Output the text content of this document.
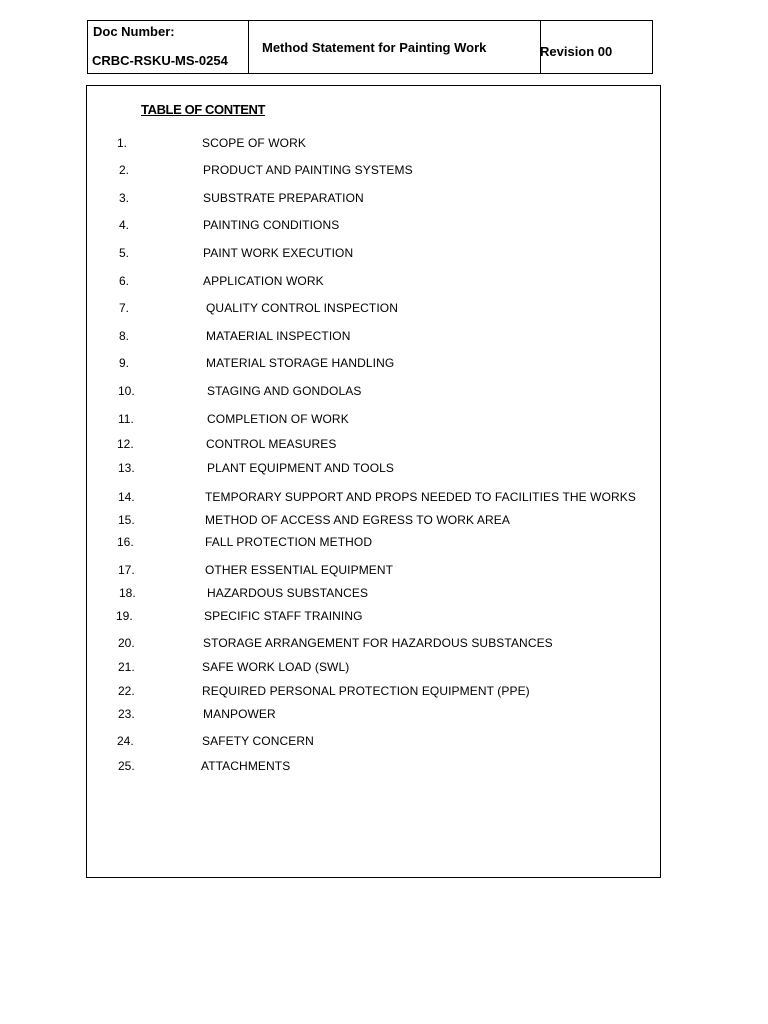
Doc Number:
CRBC-RSKU-MS-0254
Method Statement for Painting Work	Revision 00
TABLE OF CONTENT
1.	SCOPE OF WORK
2.	PRODUCT AND PAINTING SYSTEMS
3.	SUBSTRATE PREPARATION
4.	PAINTING CONDITIONS
5.	PAINT WORK EXECUTION
6.	APPLICATION WORK
7.	QUALITY CONTROL INSPECTION
8.	MATAERIAL INSPECTION
9.	MATERIAL STORAGE HANDLING
10.	STAGING AND GONDOLAS
11.	COMPLETION OF WORK
12.	CONTROL MEASURES
13.	PLANT EQUIPMENT AND TOOLS
14.	TEMPORARY SUPPORT AND PROPS NEEDED TO FACILITIES THE WORKS
15.	METHOD OF ACCESS AND EGRESS TO WORK AREA
16.	FALL PROTECTION METHOD
17.	OTHER ESSENTIAL EQUIPMENT
18.	HAZARDOUS SUBSTANCES
19.	SPECIFIC STAFF TRAINING
20.	STORAGE ARRANGEMENT FOR HAZARDOUS SUBSTANCES
21.	SAFE WORK LOAD (SWL)
22.	REQUIRED PERSONAL PROTECTION EQUIPMENT (PPE)
23.	MANPOWER
24.	SAFETY CONCERN
25.	ATTACHMENTS
